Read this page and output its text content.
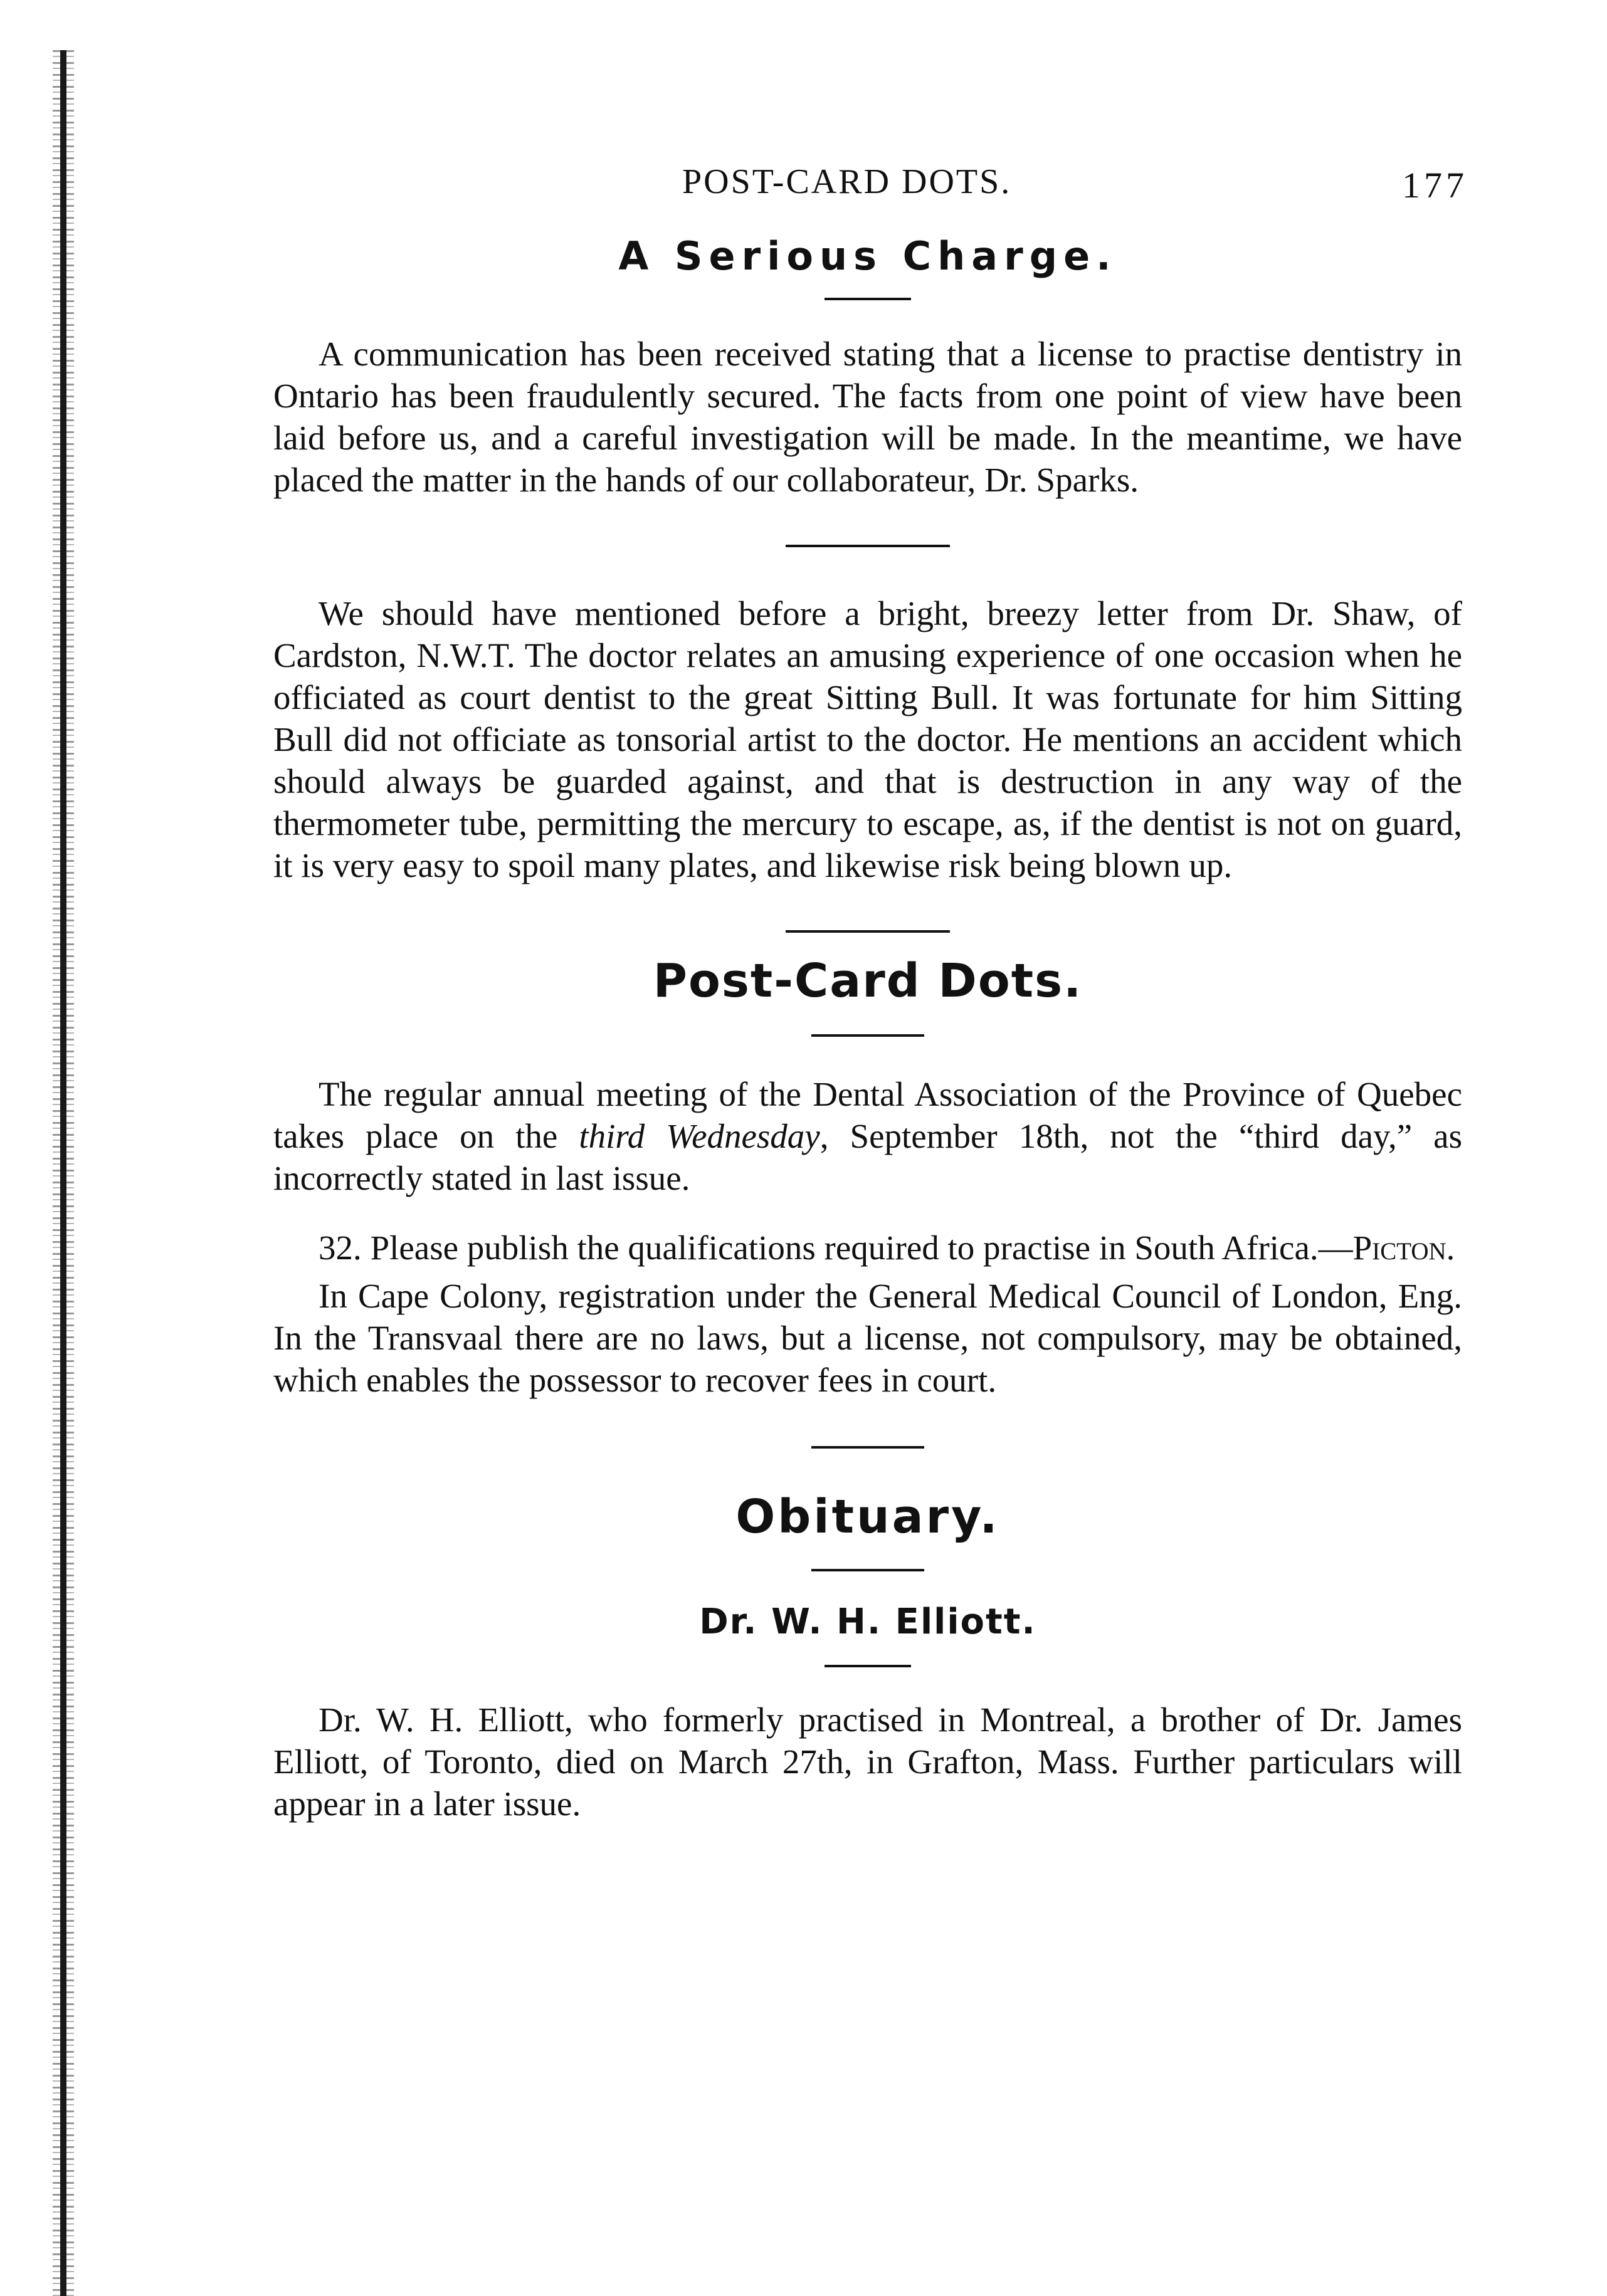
POST-CARD DOTS.	177
A Serious Charge.

A communication has been received stating that a license to practise dentistry in Ontario has been fraudulently secured. The facts from one point of view have been laid before us, and a careful investigation will be made. In the meantime, we have placed the matter in the hands of our collaborateur, Dr. Sparks.

We should have mentioned before a bright, breezy letter from Dr. Shaw, of Cardston, N.W.T. The doctor relates an amusing experience of one occasion when he officiated as court dentist to the great Sitting Bull. It was fortunate for him Sitting Bull did not officiate as tonsorial artist to the doctor. He mentions an accident which should always be guarded against, and that is destruction in any way of the thermometer tube, permitting the mercury to escape, as, if the dentist is not on guard, it is very easy to spoil many plates, and likewise risk being blown up.

Post-Card Dots.

The regular annual meeting of the Dental Association of the Province of Quebec takes place on the third Wednesday, September 18th, not the “third day,” as incorrectly stated in last issue.

32. Please publish the qualifications required to practise in South Africa.—Picton.

In Cape Colony, registration under the General Medical Council of London, Eng. In the Transvaal there are no laws, but a license, not compulsory, may be obtained, which enables the possessor to recover fees in court.

Obituary.
Dr. W. H. Elliott.

Dr. W. H. Elliott, who formerly practised in Montreal, a brother of Dr. James Elliott, of Toronto, died on March 27th, in Grafton, Mass. Further particulars will appear in a later issue.
